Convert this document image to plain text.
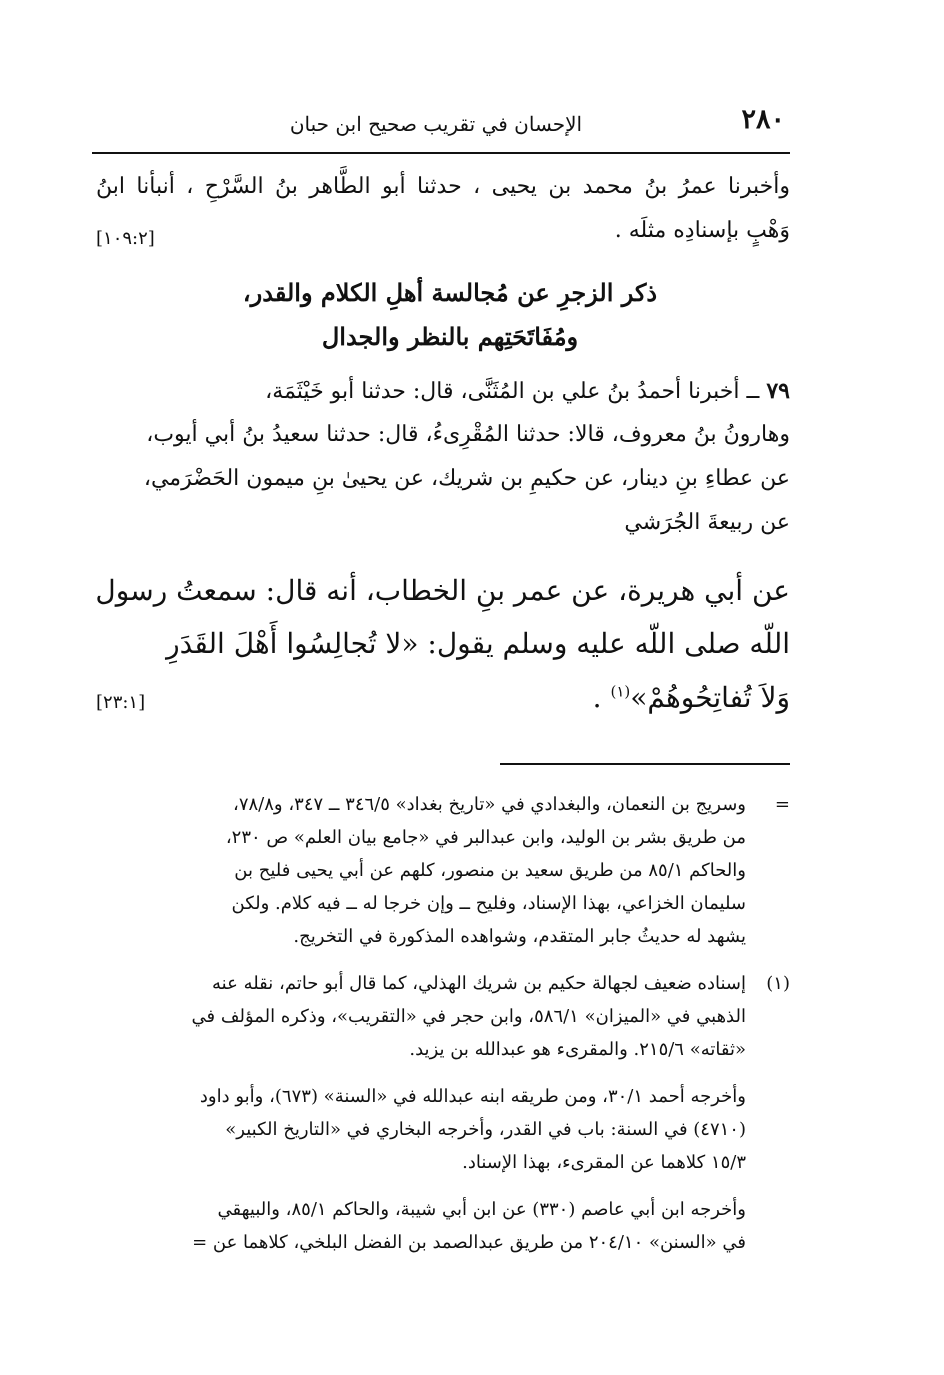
٢٨٠
الإحسان في تقريب صحيح ابن حبان
وأخبرنا عمرُ بنُ محمد بن يحيى ، حدثنا أبو الطَّاهر بنُ السَّرْحِ ، أنبأنا ابنُ
وَهْبٍ بإسنادِه مثلَه .
[١٠٩:٢]
ذكر الزجرِ عن مُجالسة أهلِ الكلام والقدر،
ومُفَاتَحَتِهم بالنظر والجدال
٧٩ ــ أخبرنا أحمدُ بنُ علي بن المُثَنَّى، قال: حدثنا أبو خَيْثَمَة،
وهارونُ بنُ معروف، قالا: حدثنا المُقْرِىءُ، قال: حدثنا سعيدُ بنُ أبي أيوب،
عن عطاءِ بنِ دينار، عن حكيمِ بن شريك، عن يحيىٰ بنِ ميمون الحَضْرَمي،
عن ربيعةَ الجُرَشي
عن أبي هريرة، عن عمر بنِ الخطاب، أنه قال: سمعتُ رسول
اللّه صلى اللّه عليه وسلم يقول: «لا تُجالِسُوا أَهْلَ القَدَرِ
وَلاَ تُفاتِحُوهُمْ»$^{(١)}$ .
[٢٣:١]
=
وسريج بن النعمان، والبغدادي في «تاريخ بغداد» ٣٤٦/٥ ــ ٣٤٧، و٧٨/٨،
من طريق بشر بن الوليد، وابن عبدالبر في «جامع بيان العلم» ص ٢٣٠،
والحاكم ٨٥/١ من طريق سعيد بن منصور، كلهم عن أبي يحيى فليح بن
سليمان الخزاعي، بهذا الإسناد، وفليح ــ وإن خرجا له ــ فيه كلام. ولكن
يشهد له حديثُ جابر المتقدم، وشواهده المذكورة في التخريج.
(١)
إسناده ضعيف لجهالة حكيم بن شريك الهذلي، كما قال أبو حاتم، نقله عنه
الذهبي في «الميزان» ٥٨٦/١، وابن حجر في «التقريب»، وذكره المؤلف في
«ثقاته» ٢١٥/٦. والمقرىء هو عبدالله بن يزيد.
وأخرجه أحمد ٣٠/١، ومن طريقه ابنه عبدالله في «السنة» (٦٧٣)، وأبو داود
(٤٧١٠) في السنة: باب في القدر، وأخرجه البخاري في «التاريخ الكبير»
١٥/٣ كلاهما عن المقرىء، بهذا الإسناد.
وأخرجه ابن أبي عاصم (٣٣٠) عن ابن أبي شيبة، والحاكم ٨٥/١، والبيهقي
في «السنن» ٢٠٤/١٠ من طريق عبدالصمد بن الفضل البلخي، كلاهما عن =
